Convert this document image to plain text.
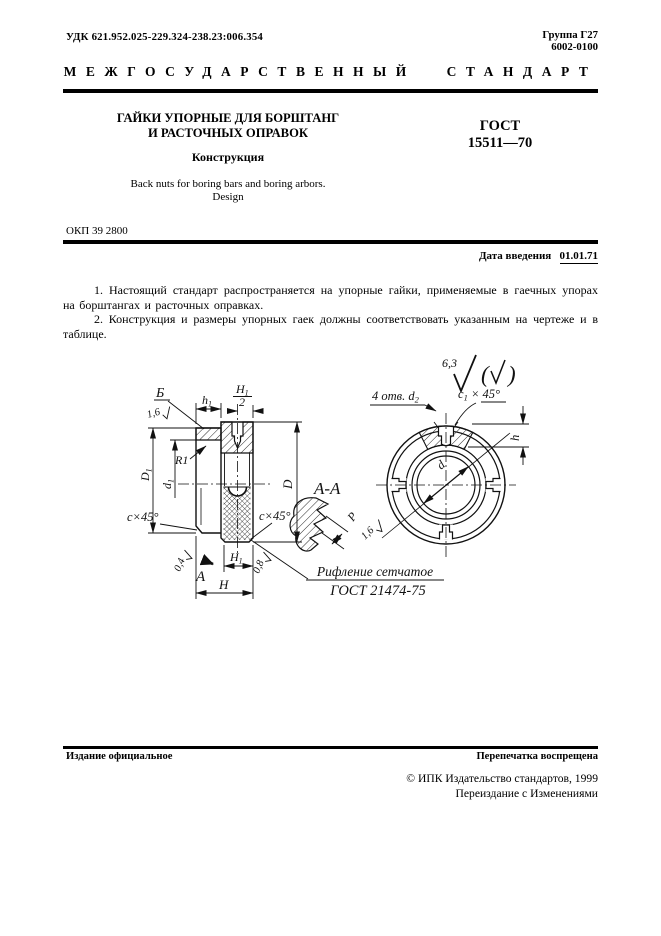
УДК 621.952.025-229.324-238.23:006.354	Группа Г27
6002-0100
МЕЖГОСУДАРСТВЕННЫЙ СТАНДАРТ
ГАЙКИ УПОРНЫЕ ДЛЯ БОРШТАНГ
И РАСТОЧНЫХ ОПРАВОК
Конструкция
Back nuts for boring bars and boring arbors.
Design
ГОСТ
15511—70
ОКП 39 2800
Дата введения 01.01.71

1. Настоящий стандарт распространяется на упорные гайки, применяемые в гаечных упорах на борштангах и расточных оправках.

2. Конструкция и размеры упорных гаек должны соответствовать указанным на чертеже и в таблице.

6,3 ( )
Б
1,6
$h_1$
$H_1$
2
$D_1$
$d_1$
R1
D
c×45°	c×45°
0,4
А
$H_1$ 0,8
H
А-А
P
Рифление сетчатое
ГОСТ 21474-75
4 отв. $d_2$	$c_1 \times 45^\circ$
h
d
1,6
Издание официальное	Перепечатка воспрещена
© ИПК Издательство стандартов, 1999
Переиздание с Изменениями
